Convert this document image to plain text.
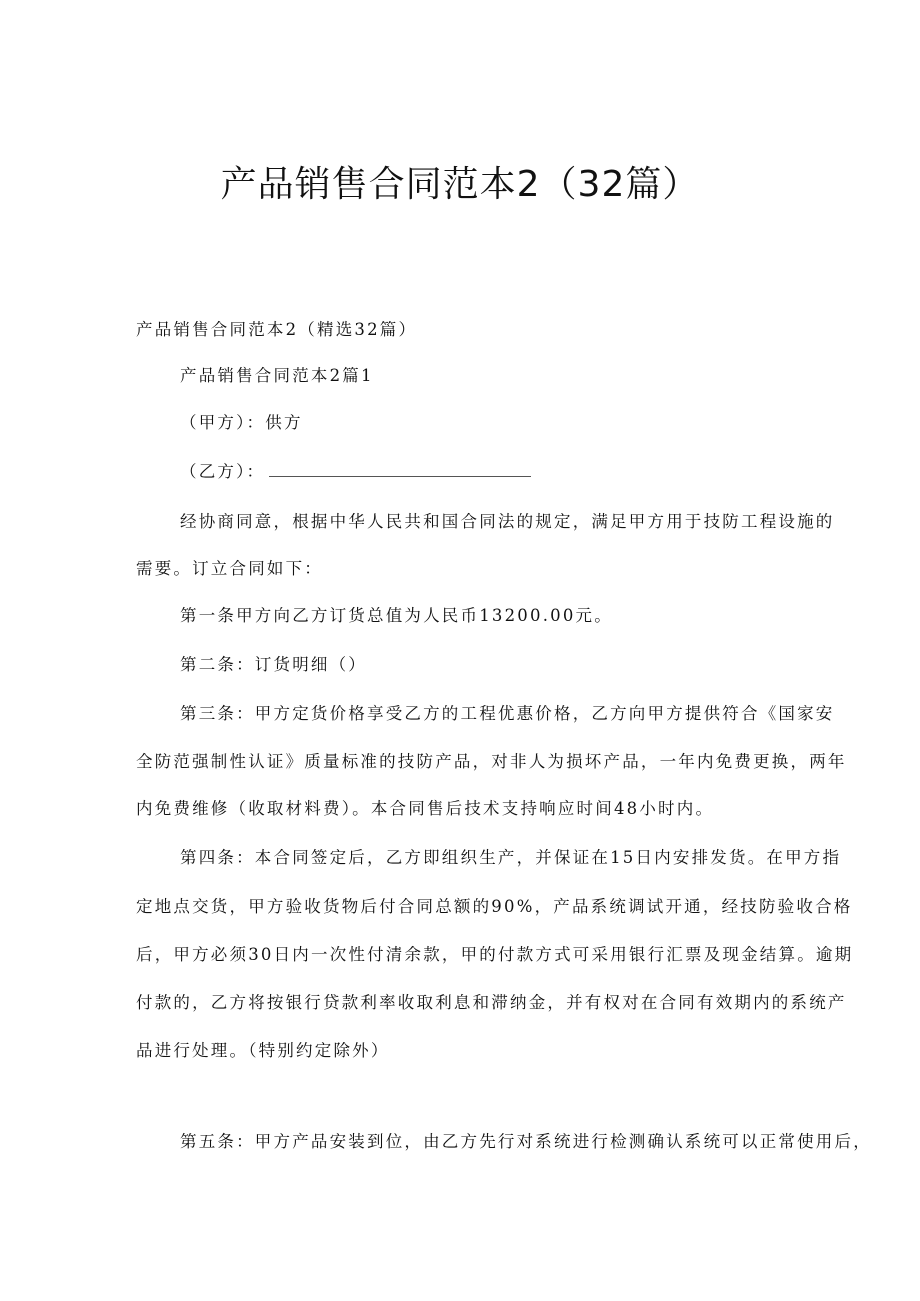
产品销售合同范本2（32篇）
产品销售合同范本2（精选32篇）
产品销售合同范本2篇1
（甲方）：供方
（乙方）：
经协商同意，根据中华人民共和国合同法的规定，满足甲方用于技防工程设施的
需要。订立合同如下：
第一条甲方向乙方订货总值为人民币13200.00元。
第二条：订货明细（）
第三条：甲方定货价格享受乙方的工程优惠价格，乙方向甲方提供符合《国家安
全防范强制性认证》质量标准的技防产品，对非人为损坏产品，一年内免费更换，两年
内免费维修（收取材料费）。本合同售后技术支持响应时间48小时内。
第四条：本合同签定后，乙方即组织生产，并保证在15日内安排发货。在甲方指
定地点交货，甲方验收货物后付合同总额的90%，产品系统调试开通，经技防验收合格
后，甲方必须30日内一次性付清余款，甲的付款方式可采用银行汇票及现金结算。逾期
付款的，乙方将按银行贷款利率收取利息和滞纳金，并有权对在合同有效期内的系统产
品进行处理。（特别约定除外）
第五条：甲方产品安装到位，由乙方先行对系统进行检测确认系统可以正常使用后，
